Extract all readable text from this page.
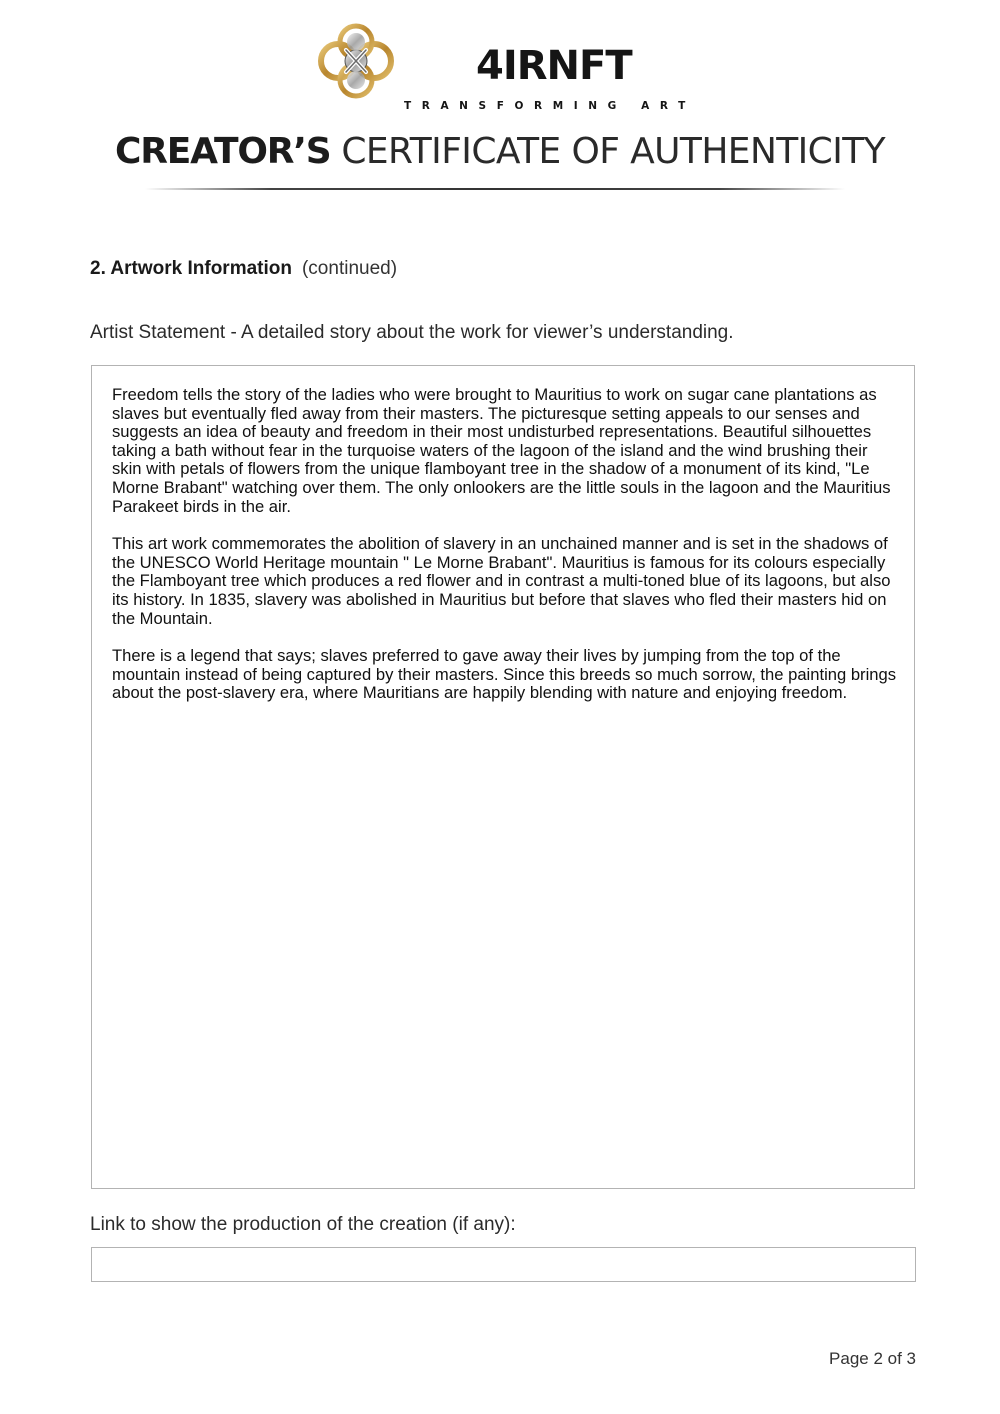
4IRNFT
TRANSFORMING ART
CREATOR’S CERTIFICATE OF AUTHENTICITY
2. Artwork Information (continued)
Artist Statement - A detailed story about the work for viewer’s understanding.

Freedom tells the story of the ladies who were brought to Mauritius to work on sugar cane plantations as slaves but eventually fled away from their masters. The picturesque setting appeals to our senses and suggests an idea of beauty and freedom in their most undisturbed representations. Beautiful silhouettes taking a bath without fear in the turquoise waters of the lagoon of the island and the wind brushing their skin with petals of flowers from the unique flamboyant tree in the shadow of a monument of its kind, "Le Morne Brabant" watching over them. The only onlookers are the little souls in the lagoon and the Mauritius Parakeet birds in the air.

This art work commemorates the abolition of slavery in an unchained manner and is set in the shadows of the UNESCO World Heritage mountain " Le Morne Brabant". Mauritius is famous for its colours especially the Flamboyant tree which produces a red flower and in contrast a multi-toned blue of its lagoons, but also its history. In 1835, slavery was abolished in Mauritius but before that slaves who fled their masters hid on the Mountain.

There is a legend that says; slaves preferred to gave away their lives by jumping from the top of the mountain instead of being captured by their masters. Since this breeds so much sorrow, the painting brings about the post-slavery era, where Mauritians are happily blending with nature and enjoying freedom.

Link to show the production of the creation (if any):
Page 2 of 3
